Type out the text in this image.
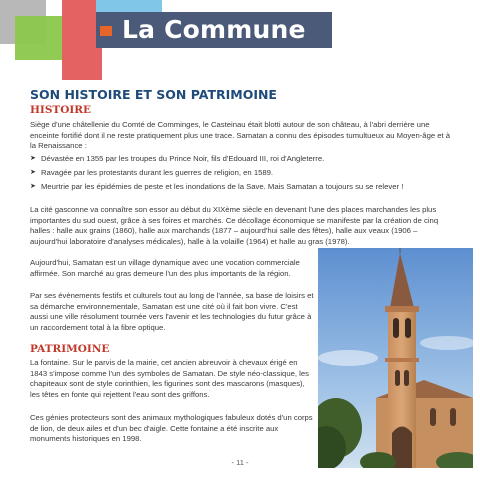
La Commune
SON HISTOIRE ET SON PATRIMOINE
HISTOIRE

Siège d'une châtellenie du Comté de Comminges, le Casteinau était blotti autour de son château, à l'abri derrière une enceinte fortifié dont il ne reste pratiquement plus une trace. Samatan a connu des épisodes tumultueux au Moyen-âge et à la Renaissance :

➤ Dévastée en 1355 par les troupes du Prince Noir, fils d'Edouard III, roi d'Angleterre.
➤ Ravagée par les protestants durant les guerres de religion, en 1589.
➤ Meurtrie par les épidémies de peste et les inondations de la Save. Mais Samatan a toujours su se relever !

La cité gasconne va connaître son essor au début du XIXème siècle en devenant l'une des places marchandes les plus importantes du sud ouest, grâce à ses foires et marchés. Ce décollage économique se manifeste par la création de cinq halles : halle aux grains (1860), halle aux marchands (1877 – aujourd'hui salle des fêtes), halle aux veaux (1906 – aujourd'hui laboratoire d'analyses médicales), halle à la volaille (1964) et halle au gras (1978).

Aujourd'hui, Samatan est un village dynamique avec une vocation commerciale affirmée. Son marché au gras demeure l'un des plus importants de la région.

Par ses évènements festifs et culturels tout au long de l'année, sa base de loisirs et sa démarche environnementale, Samatan est une cité où il fait bon vivre. C'est aussi une ville résolument tournée vers l'avenir et les technologies du futur grâce à un raccordement total à la fibre optique.

PATRIMOINE

La fontaine. Sur le parvis de la mairie, cet ancien abreuvoir à chevaux érigé en 1843 s'impose comme l'un des symboles de Samatan. De style néo-classique, les chapiteaux sont de style corinthien, les figurines sont des mascarons (masques), les têtes en fonte qui rejettent l'eau sont des griffons.

Ces génies protecteurs sont des animaux mythologiques fabuleux dotés d'un corps de lion, de deux ailes et d'un bec d'aigle. Cette fontaine a été inscrite aux monuments historiques en 1998.

- 11 -
